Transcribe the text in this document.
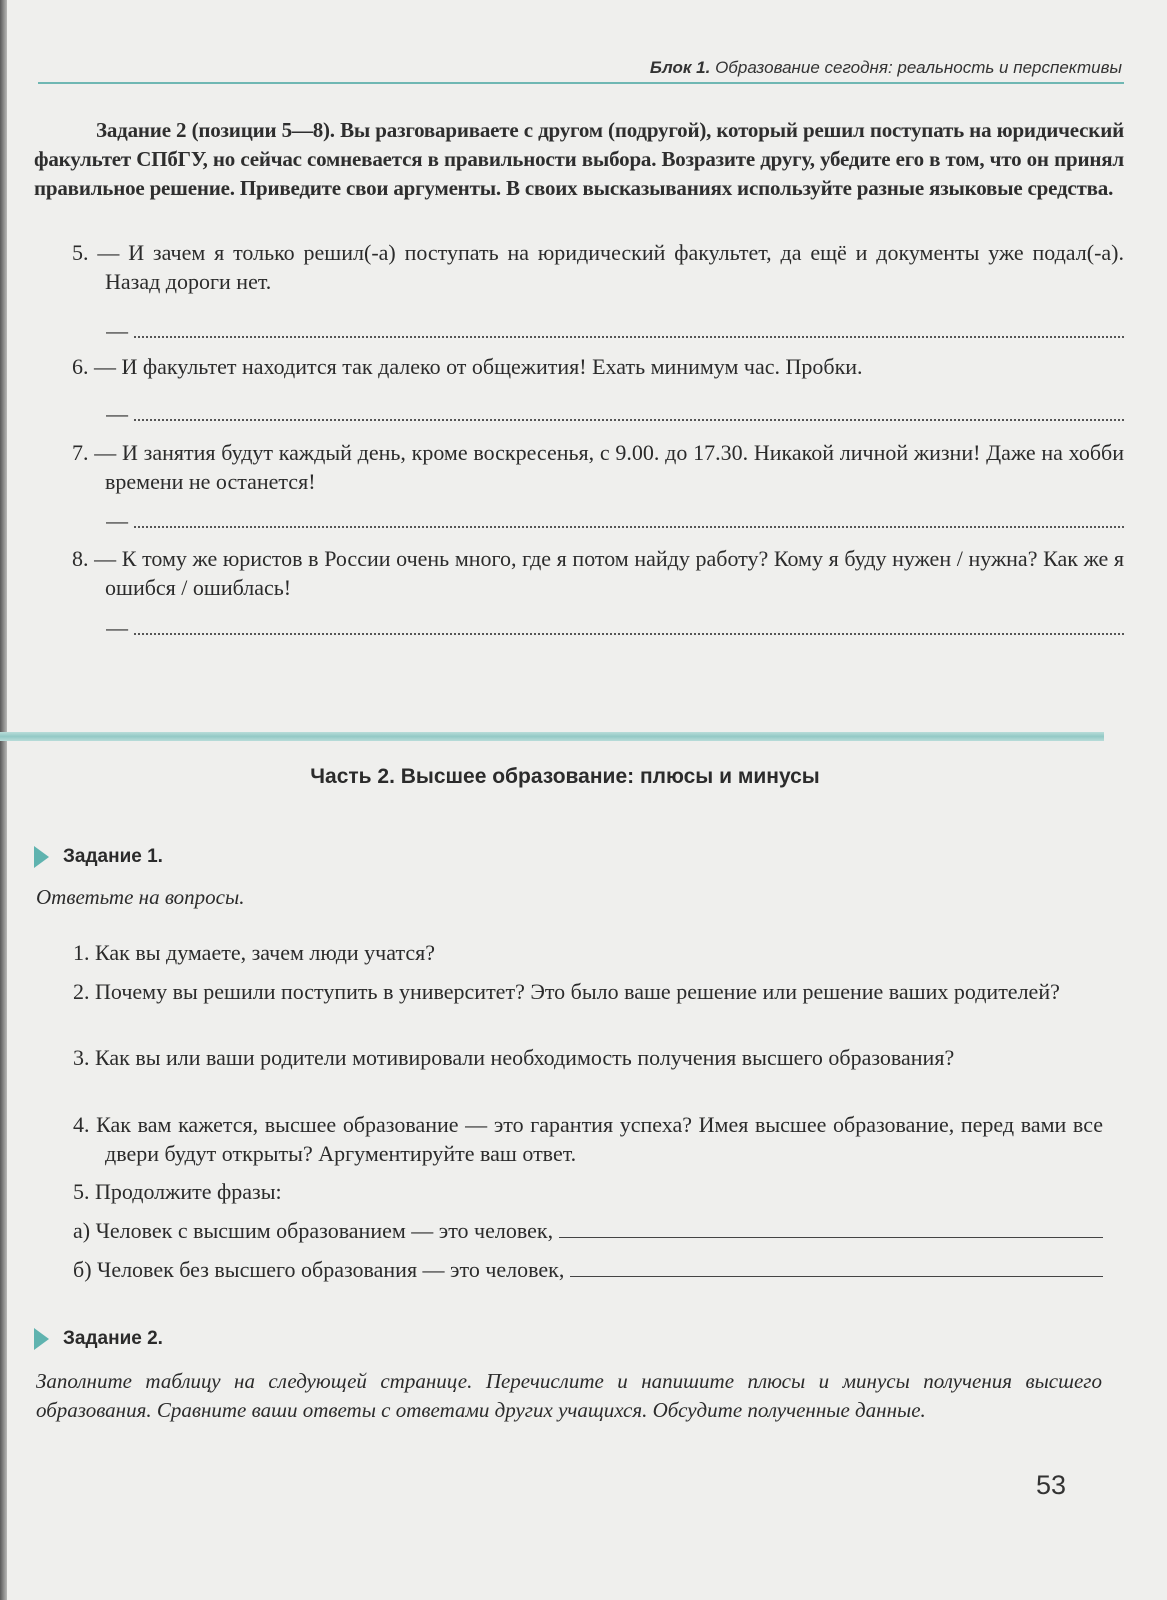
Блок 1. Образование сегодня: реальность и перспективы
Задание 2 (позиции 5—8). Вы разговариваете с другом (подругой), который решил поступать на юридический факультет СПбГУ, но сейчас сомневается в правильности выбора. Возразите другу, убедите его в том, что он принял правильное решение. Приведите свои аргументы. В своих высказываниях используйте разные языковые средства.
5. — И зачем я только решил(-а) поступать на юридический факультет, да ещё и документы уже подал(-а). Назад дороги нет.
—
6. — И факультет находится так далеко от общежития! Ехать минимум час. Пробки.
—
7. — И занятия будут каждый день, кроме воскресенья, с 9.00. до 17.30. Никакой личной жизни! Даже на хобби времени не останется!
—
8. — К тому же юристов в России очень много, где я потом найду работу? Кому я буду нужен / нужна? Как же я ошибся / ошиблась!
—
Часть 2. Высшее образование: плюсы и минусы
Задание 1.
Ответьте на вопросы.
1. Как вы думаете, зачем люди учатся?
2. Почему вы решили поступить в университет? Это было ваше решение или решение ваших родителей?
3. Как вы или ваши родители мотивировали необходимость получения высшего образования?
4. Как вам кажется, высшее образование — это гарантия успеха? Имея высшее образование, перед вами все двери будут открыты? Аргументируйте ваш ответ.
5. Продолжите фразы:
а) Человек с высшим образованием — это человек,
б) Человек без высшего образования — это человек,
Задание 2.
Заполните таблицу на следующей странице. Перечислите и напишите плюсы и минусы получения высшего образования. Сравните ваши ответы с ответами других учащихся. Обсудите полученные данные.
53
